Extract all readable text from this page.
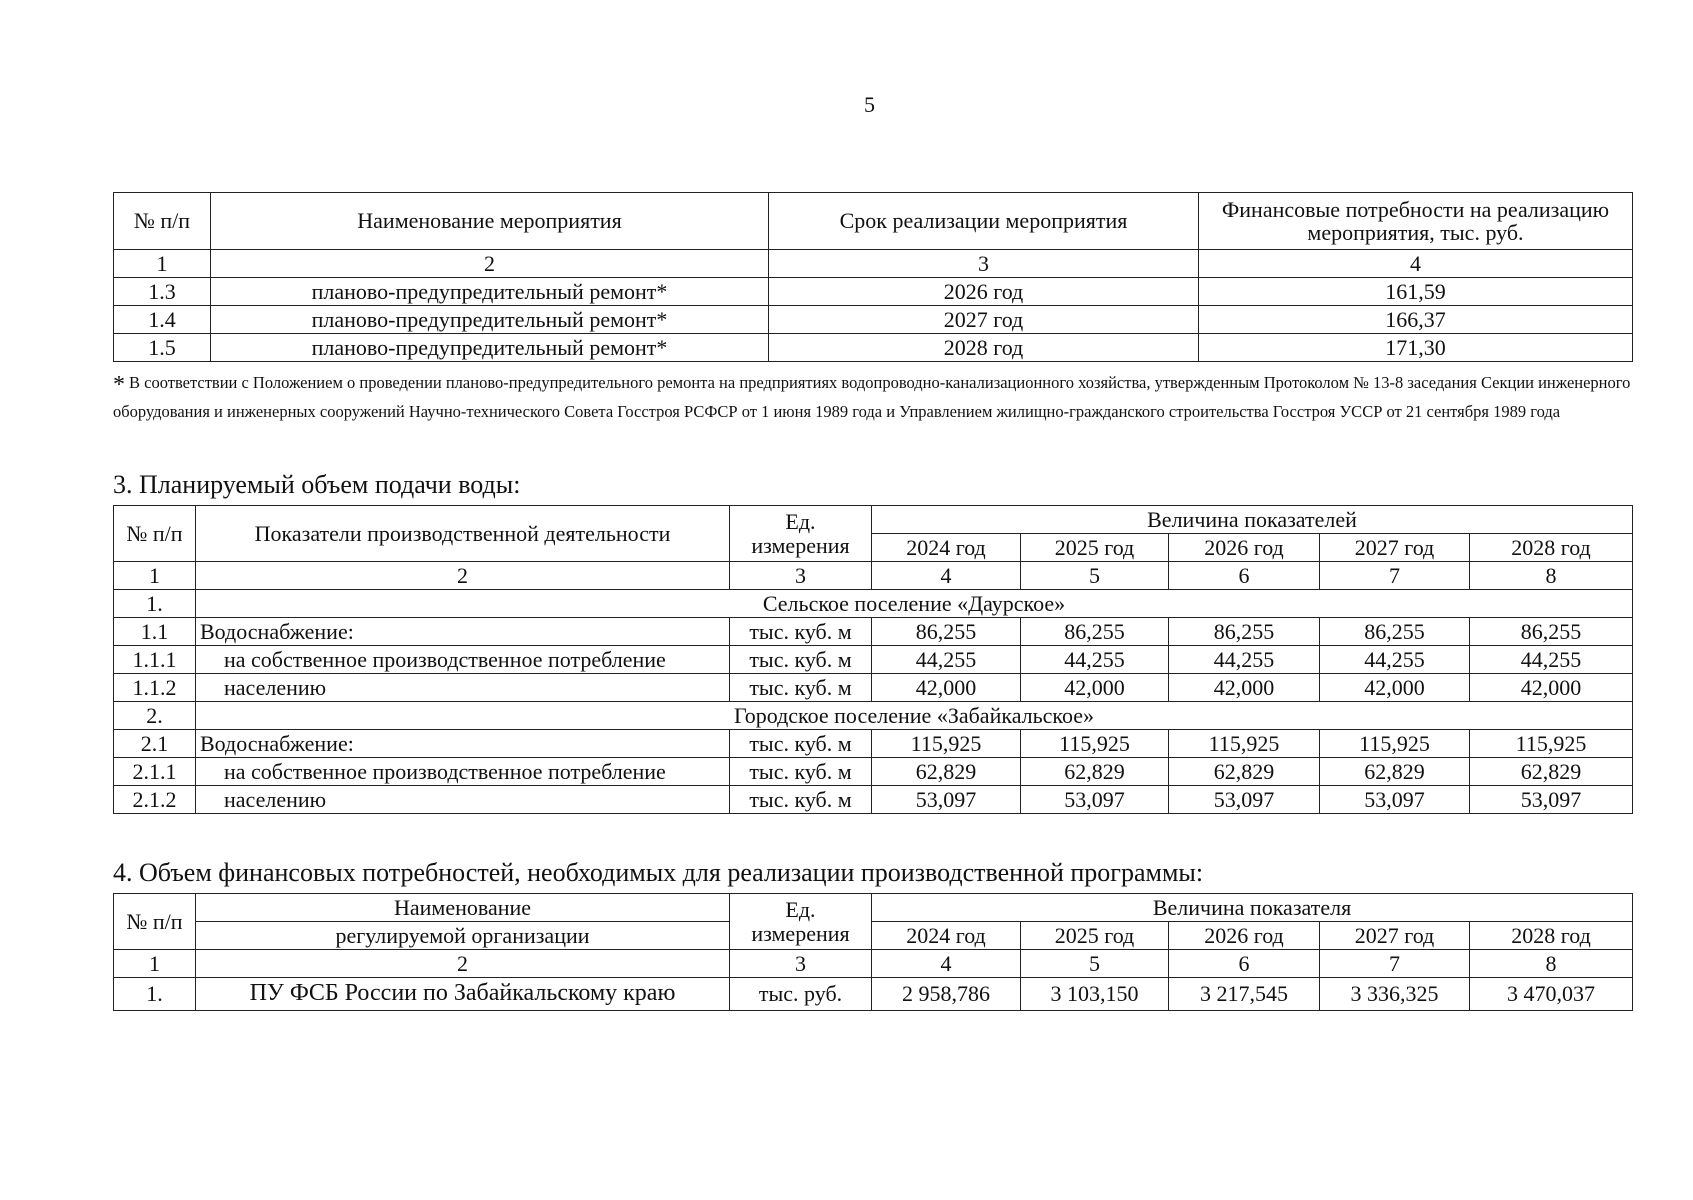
5
№ п/п	Наименование мероприятия	Срок реализации мероприятия	Финансовые потребности на реализацию мероприятия, тыс. руб.
1	2	3	4
1.3	планово-предупредительный ремонт*	2026 год	161,59
1.4	планово-предупредительный ремонт*	2027 год	166,37
1.5	планово-предупредительный ремонт*	2028 год	171,30
* В соответствии с Положением о проведении планово-предупредительного ремонта на предприятиях водопроводно-канализационного хозяйства, утвержденным Протоколом № 13-8 заседания Секции инженерного оборудования и инженерных сооружений Научно-технического Совета Госстроя РСФСР от 1 июня 1989 года и Управлением жилищно-гражданского строительства Госстроя УССР от 21 сентября 1989 года
3. Планируемый объем подачи воды:
№ п/п	Показатели производственной деятельности	Ед. измерения	Величина показателей				
			2024 год	2025 год	2026 год	2027 год	2028 год
1	2	3	4	5	6	7	8
1.	Сельское поселение «Даурское»						
1.1	Водоснабжение:	тыс. куб. м	86,255	86,255	86,255	86,255	86,255
1.1.1	на собственное производственное потребление	тыс. куб. м	44,255	44,255	44,255	44,255	44,255
1.1.2	населению	тыс. куб. м	42,000	42,000	42,000	42,000	42,000
2.	Городское поселение «Забайкальское»						
2.1	Водоснабжение:	тыс. куб. м	115,925	115,925	115,925	115,925	115,925
2.1.1	на собственное производственное потребление	тыс. куб. м	62,829	62,829	62,829	62,829	62,829
2.1.2	населению	тыс. куб. м	53,097	53,097	53,097	53,097	53,097
4. Объем финансовых потребностей, необходимых для реализации производственной программы:
№ п/п	Наименование	Ед. измерения	Величина показателя				
	регулируемой организации		2024 год	2025 год	2026 год	2027 год	2028 год
1	2	3	4	5	6	7	8
1.	ПУ ФСБ России по Забайкальскому краю	тыс. руб.	2 958,786	3 103,150	3 217,545	3 336,325	3 470,037
